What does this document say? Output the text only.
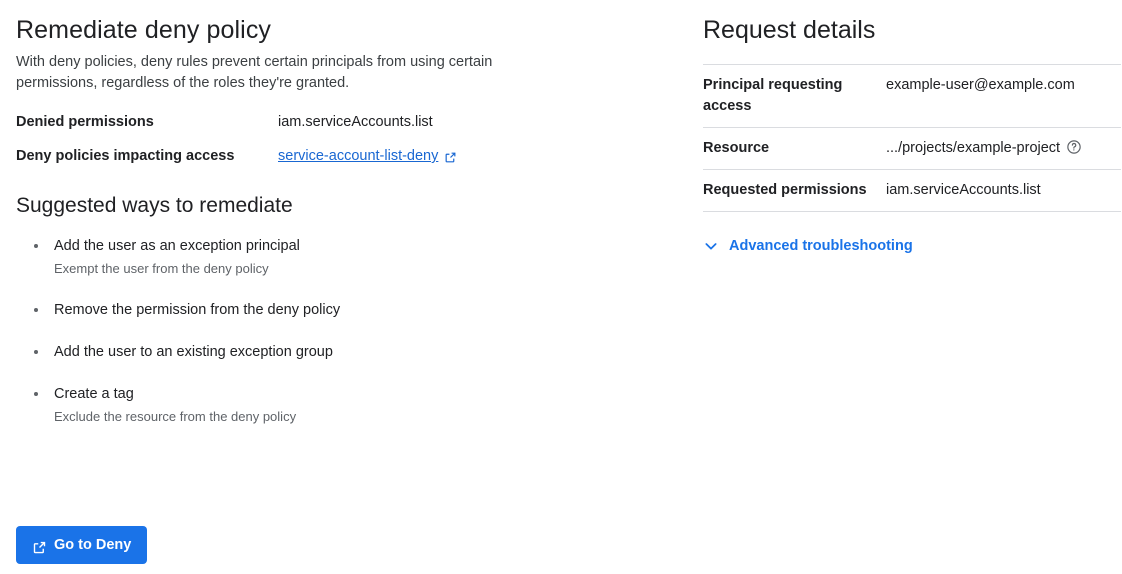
Remediate deny policy

With deny policies, deny rules prevent certain principals from using certain permissions, regardless of the roles they're granted.

Denied permissions	iam.serviceAccounts.list
Deny policies impacting access	service-account-list-deny
Suggested ways to remediate
Add the user as an exception principal
Exempt the user from the deny policy
Remove the permission from the deny policy
Add the user to an existing exception group
Create a tag
Exclude the resource from the deny policy
Go to Deny
Request details
Principal requesting access	example-user@example.com
Resource	.../projects/example-project
Requested permissions	iam.serviceAccounts.list
Advanced troubleshooting
